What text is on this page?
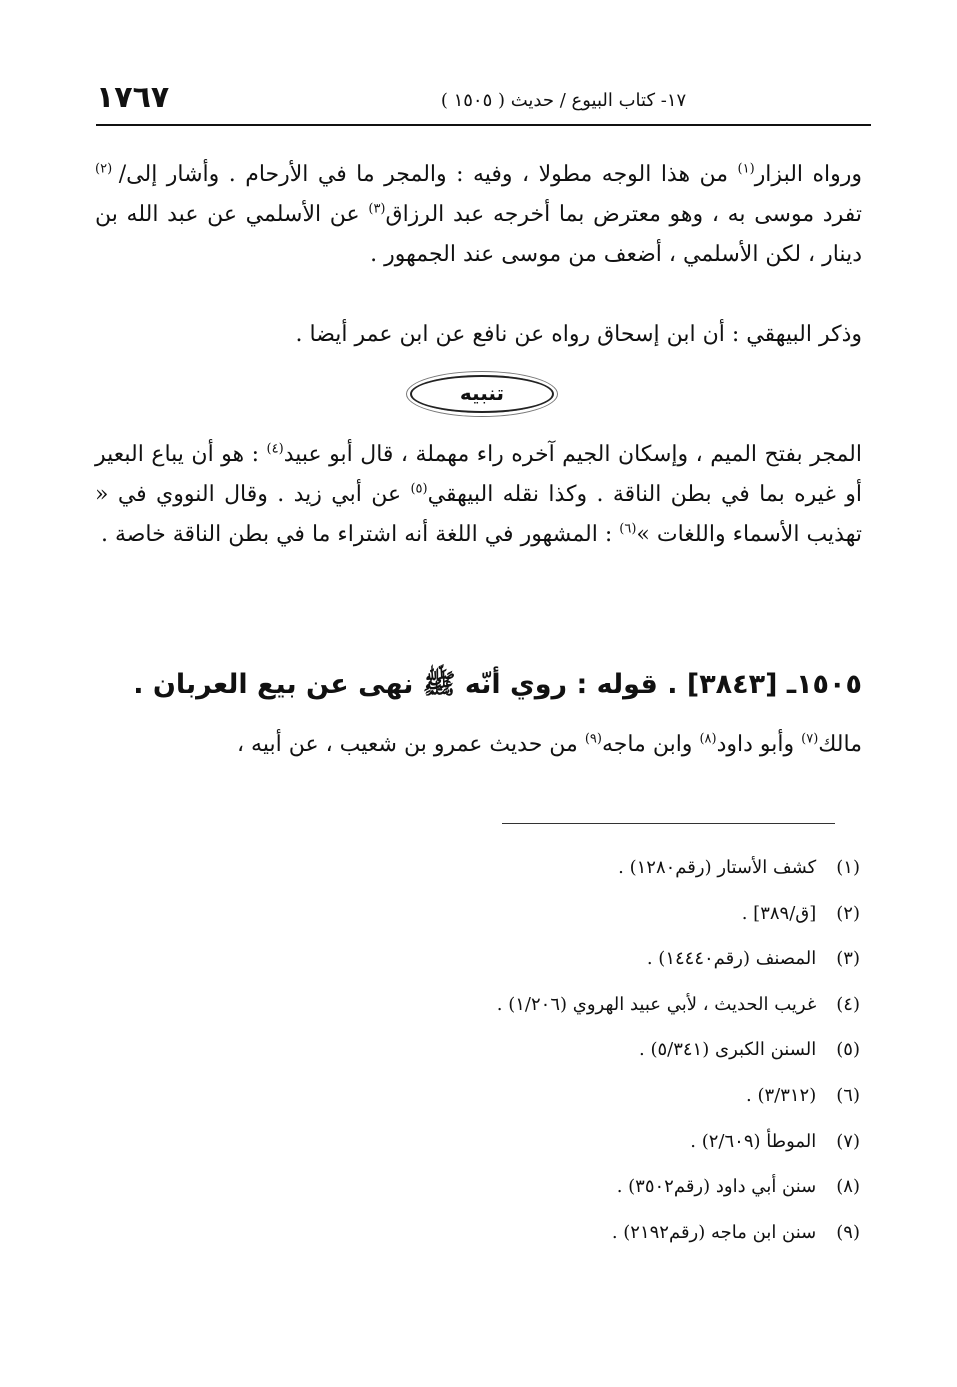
١٧٦٧	١٧- كتاب البيوع / حديث ( ١٥٠٥ )

ورواه البزار$^{(١)}$ من هذا الوجه مطولا ، وفيه : والمجر ما في الأرحام . وأشار إلى/ $^{(٢)}$ تفرد موسى به ، وهو معترض بما أخرجه عبد الرزاق$^{(٣)}$ عن الأسلمي عن عبد الله بن دينار ، لكن الأسلمي ، أضعف من موسى عند الجمهور .

وذكر البيهقي : أن ابن إسحاق رواه عن نافع عن ابن عمر أيضا .

تنبيه

المجر بفتح الميم ، وإسكان الجيم آخره راء مهملة ، قال أبو عبيد$^{(٤)}$ : هو أن يباع البعير أو غيره بما في بطن الناقة . وكذا نقله البيهقي$^{(٥)}$ عن أبي زيد . وقال النووي في « تهذيب الأسماء واللغات »$^{(٦)}$ : المشهور في اللغة أنه اشتراء ما في بطن الناقة خاصة .

١٥٠٥ـ [٣٨٤٣] . قوله : روي أنّه ﷺ نهى عن بيع العربان .

مالك$^{(٧)}$ وأبو داود$^{(٨)}$ وابن ماجه$^{(٩)}$ من حديث عمرو بن شعيب ، عن أبيه ،

(١) كشف الأستار (رقم١٢٨٠) .
(٢) [ق/٣٨٩] .
(٣) المصنف (رقم١٤٤٤٠) .
(٤) غريب الحديث ، لأبي عبيد الهروي (١/٢٠٦) .
(٥) السنن الكبرى (٥/٣٤١) .
(٦) (٣/٣١٢) .
(٧) الموطأ (٢/٦٠٩) .
(٨) سنن أبي داود (رقم٣٥٠٢) .
(٩) سنن ابن ماجه (رقم٢١٩٢) .
